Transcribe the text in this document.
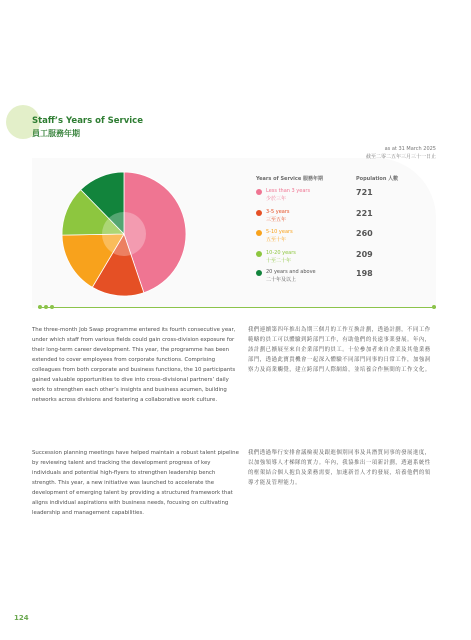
Staff’s Years of Service
員工服務年期
as at 31 March 2025
截至二零二五年三月三十一日止
Years of Service 服務年期	Population 人數
Less than 3 years
少於三年
721
3-5 years
三至五年
221
5-10 years
五至十年
260
10-20 years
十至二十年
209
20 years and above
二十年及以上
198

The three-month Job Swap programme entered its fourth consecutive year, under which staff from various fields could gain cross-division exposure for their long-term career development. This year, the programme has been extended to cover employees from corporate functions. Comprising colleagues from both corporate and business functions, the 10 participants gained valuable opportunities to dive into cross-divisional partners’ daily work to strengthen each other’s insights and business acumen, building networks across divisions and fostering a collaborative work culture.

我們連續第四年推出為期三個月的工作互換計劃，透過計劃，不同工作範疇的員工可以體驗到跨部門工作，有助他們的長遠事業發展。年內，該計劃已擴展至來自企業部門的員工。十位參加者來自企業及其他業務部門，透過此寶貴機會一起深入體驗不同部門同事的日常工作，加強洞察力及商業觸覺，建立跨部門人際網絡，並培養合作無間的工作文化。

Succession planning meetings have helped maintain a robust talent pipeline by reviewing talent and tracking the development progress of key individuals and potential high-flyers to strengthen leadership bench strength. This year, a new initiative was launched to accelerate the development of emerging talent by providing a structured framework that aligns individual aspirations with business needs, focusing on cultivating leadership and management capabilities.

我們透過舉行安排會議檢視及跟進個別同事及具潛質同事的發展進度，以加強領導人才梯隊的實力。年內，我協推出一項新計劃，透過系統性的框架結合個人抱負及業務需要，加速新晉人才的發展，培養他們的領導才能及管理能力。

124
